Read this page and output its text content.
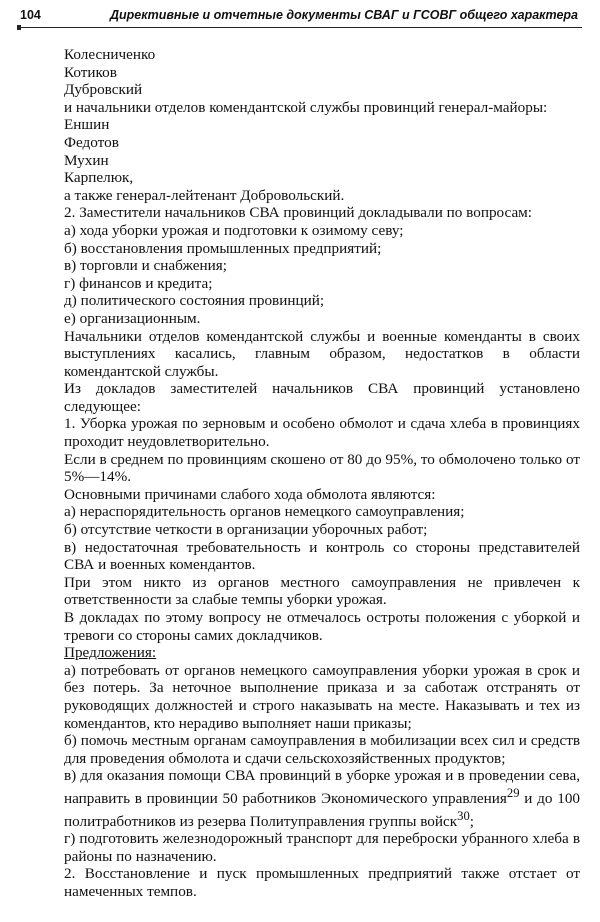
104	Директивные и отчетные документы СВАГ и ГСОВГ общего характера

Колесниченко

Котиков

Дубровский

и начальники отделов комендантской службы провинций генерал-майоры:

Еншин

Федотов

Мухин

Карпелюк,

а также генерал-лейтенант Добровольский.

2. Заместители начальников СВА провинций докладывали по вопросам:

а) хода уборки урожая и подготовки к озимому севу;

б) восстановления промышленных предприятий;

в) торговли и снабжения;

г) финансов и кредита;

д) политического состояния провинций;

е) организационным.

Начальники отделов комендантской службы и военные коменданты в своих выступлениях касались, главным образом, недостатков в области комендантской службы.

Из докладов заместителей начальников СВА провинций установлено следующее:

1. Уборка урожая по зерновым и особено обмолот и сдача хлеба в провинциях проходит неудовлетворительно.

Если в среднем по провинциям скошено от 80 до 95%, то обмолочено только от 5%—14%.

Основными причинами слабого хода обмолота являются:

а) нераспорядительность органов немецкого самоуправления;

б) отсутствие четкости в организации уборочных работ;

в) недостаточная требовательность и контроль со стороны представителей СВА и военных комендантов.

При этом никто из органов местного самоуправления не привлечен к ответственности за слабые темпы уборки урожая.

В докладах по этому вопросу не отмечалось остроты положения с уборкой и тревоги со стороны самих докладчиков.

Предложения:

а) потребовать от органов немецкого самоуправления уборки урожая в срок и без потерь. За неточное выполнение приказа и за саботаж отстранять от руководящих должностей и строго наказывать на месте. Наказывать и тех из комендантов, кто нерадиво выполняет наши приказы;

б) помочь местным органам самоуправления в мобилизации всех сил и средств для проведения обмолота и сдачи сельскохозяйственных продуктов;

в) для оказания помощи СВА провинций в уборке урожая и в проведении сева, направить в провинции 50 работников Экономического управления$^{29}$ и до 100 политработников из резерва Политуправления группы войск$^{30}$;

г) подготовить железнодорожный транспорт для переброски убранного хлеба в районы по назначению.

2. Восстановление и пуск промышленных предприятий также отстает от намеченных темпов.
